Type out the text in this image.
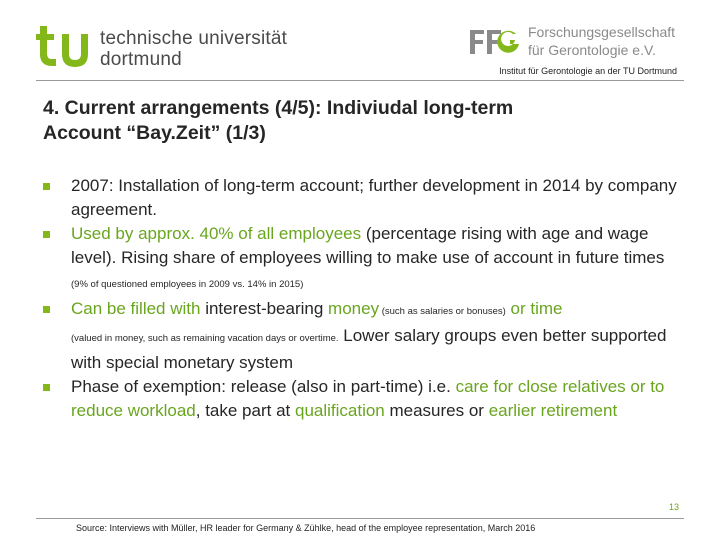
technische universität
dortmund
Forschungsgesellschaft
für Gerontologie e.V.
Institut für Gerontologie an der TU Dortmund
4. Current arrangements (4/5): Indiviudal long-term
Account “Bay.Zeit” (1/3)
2007: Installation of long-term account; further development in 2014 by company agreement.
Used by approx. 40% of all employees (percentage rising with age and wage level). Rising share of employees willing to make use of account in future times (9% of questioned employees in 2009 vs. 14% in 2015)
Can be filled with interest-bearing money (such as salaries or bonuses) or time
(valued in money, such as remaining vacation days or overtime. Lower salary groups even better supported with special monetary system
Phase of exemption: release (also in part-time) i.e. care for close relatives or to reduce workload, take part at qualification measures or earlier retirement
13
Source: Interviews with Müller, HR leader for Germany & Zühlke, head of the employee representation, March 2016
